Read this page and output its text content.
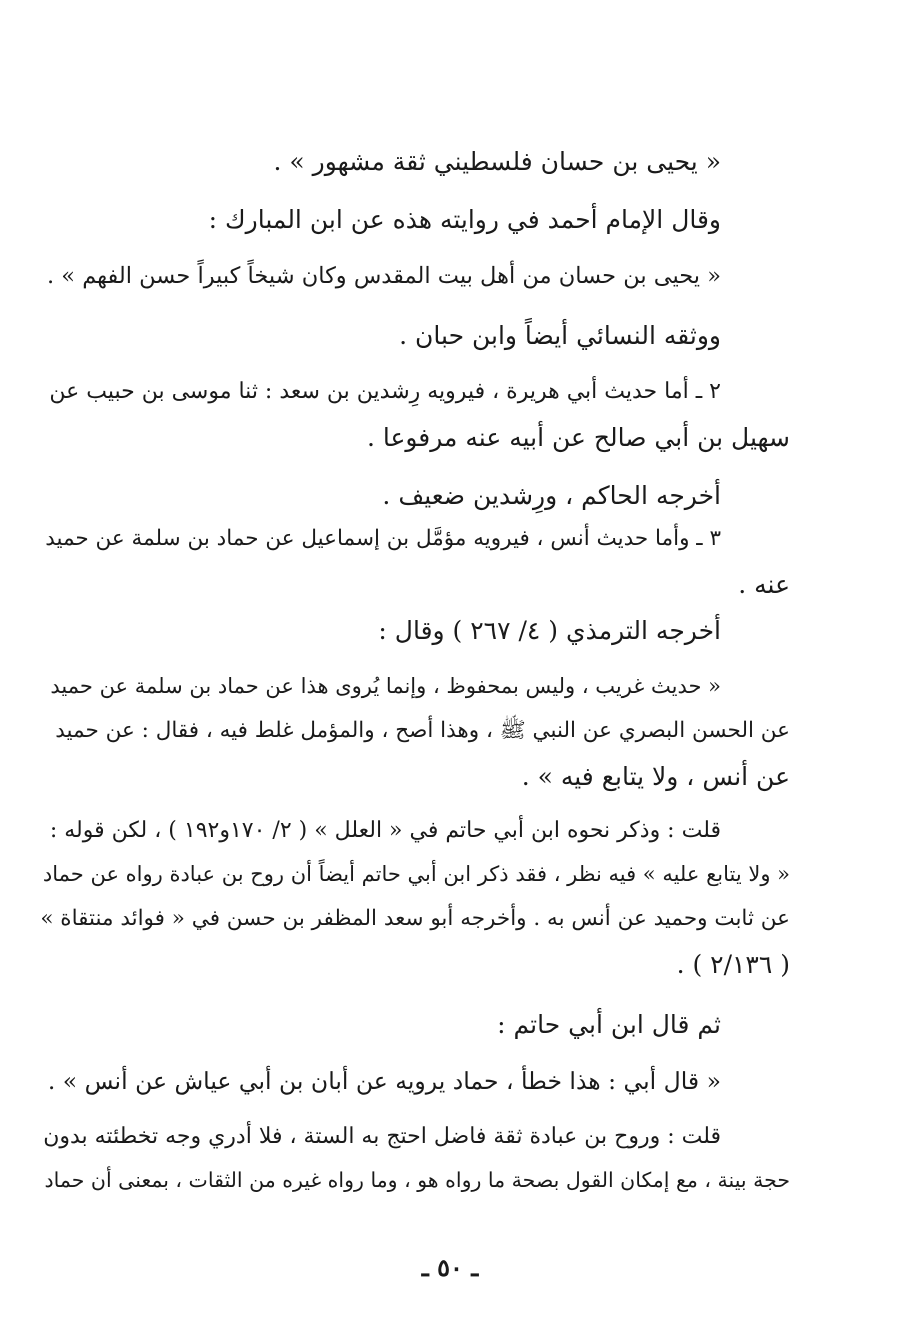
« يحيى بن حسان فلسطيني ثقة مشهور » .
وقال الإمام أحمد في روايته هذه عن ابن المبارك :
« يحيى بن حسان من أهل بيت المقدس وكان شيخاً كبيراً حسن الفهم » .
ووثقه النسائي أيضاً وابن حبان .
٢ ـ أما حديث أبي هريرة ، فيرويه رِشدين بن سعد : ثنا موسى بن حبيب عن
سهيل بن أبي صالح عن أبيه عنه مرفوعا .
أخرجه الحاكم ، ورِشدين ضعيف .
٣ ـ وأما حديث أنس ، فيرويه مؤمَّل بن إسماعيل عن حماد بن سلمة عن حميد
عنه .
أخرجه الترمذي ( ٤/ ٢٦٧ ) وقال :
« حديث غريب ، وليس بمحفوظ ، وإنما يُروى هذا عن حماد بن سلمة عن حميد
عن الحسن البصري عن النبي ﷺ ، وهذا أصح ، والمؤمل غلط فيه ، فقال : عن حميد
عن أنس ، ولا يتابع فيه » .
قلت : وذكر نحوه ابن أبي حاتم في « العلل » ( ٢/ ١٧٠و١٩٢ ) ، لكن قوله :
« ولا يتابع عليه » فيه نظر ، فقد ذكر ابن أبي حاتم أيضاً أن روح بن عبادة رواه عن حماد
عن ثابت وحميد عن أنس به . وأخرجه أبو سعد المظفر بن حسن في « فوائد منتقاة »
( ٢/١٣٦ ) .
ثم قال ابن أبي حاتم :
« قال أبي : هذا خطأ ، حماد يرويه عن أبان بن أبي عياش عن أنس » .
قلت : وروح بن عبادة ثقة فاضل احتج به الستة ، فلا أدري وجه تخطئته بدون
حجة بينة ، مع إمكان القول بصحة ما رواه هو ، وما رواه غيره من الثقات ، بمعنى أن حماد
ـ ٥٠ ـ
